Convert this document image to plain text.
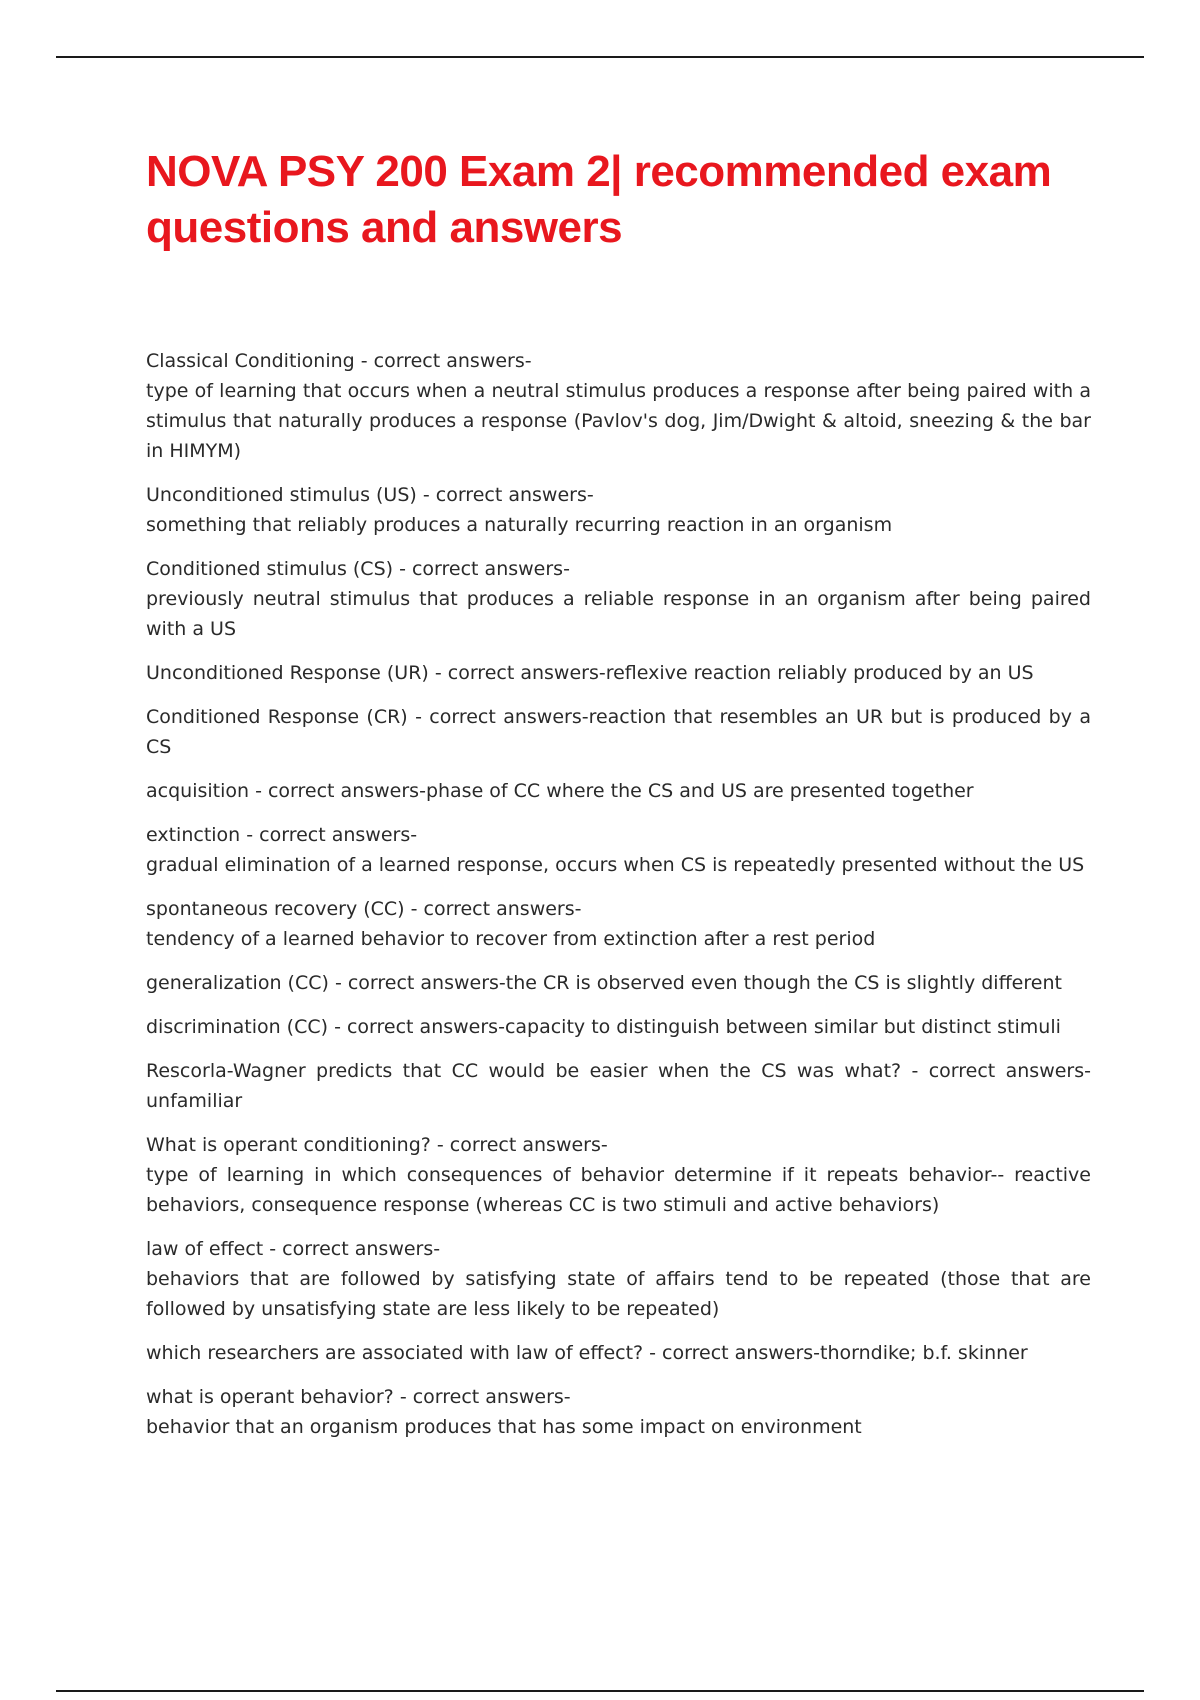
NOVA PSY 200 Exam 2| recommended exam questions and answers

Classical Conditioning - correct answers-
type of learning that occurs when a neutral stimulus produces a response after being paired with a stimulus that naturally produces a response (Pavlov's dog, Jim/Dwight & altoid, sneezing & the bar in HIMYM)

Unconditioned stimulus (US) - correct answers-
something that reliably produces a naturally recurring reaction in an organism

Conditioned stimulus (CS) - correct answers-
previously neutral stimulus that produces a reliable response in an organism after being paired with a US

Unconditioned Response (UR) - correct answers-reflexive reaction reliably produced by an US

Conditioned Response (CR) - correct answers-reaction that resembles an UR but is produced by a CS

acquisition - correct answers-phase of CC where the CS and US are presented together

extinction - correct answers-
gradual elimination of a learned response, occurs when CS is repeatedly presented without the US

spontaneous recovery (CC) - correct answers-
tendency of a learned behavior to recover from extinction after a rest period

generalization (CC) - correct answers-the CR is observed even though the CS is slightly different

discrimination (CC) - correct answers-capacity to distinguish between similar but distinct stimuli

Rescorla-Wagner predicts that CC would be easier when the CS was what? - correct answers-unfamiliar

What is operant conditioning? - correct answers-
type of learning in which consequences of behavior determine if it repeats behavior-- reactive behaviors, consequence response (whereas CC is two stimuli and active behaviors)

law of effect - correct answers-
behaviors that are followed by satisfying state of affairs tend to be repeated (those that are followed by unsatisfying state are less likely to be repeated)

which researchers are associated with law of effect? - correct answers-thorndike; b.f. skinner

what is operant behavior? - correct answers-
behavior that an organism produces that has some impact on environment
